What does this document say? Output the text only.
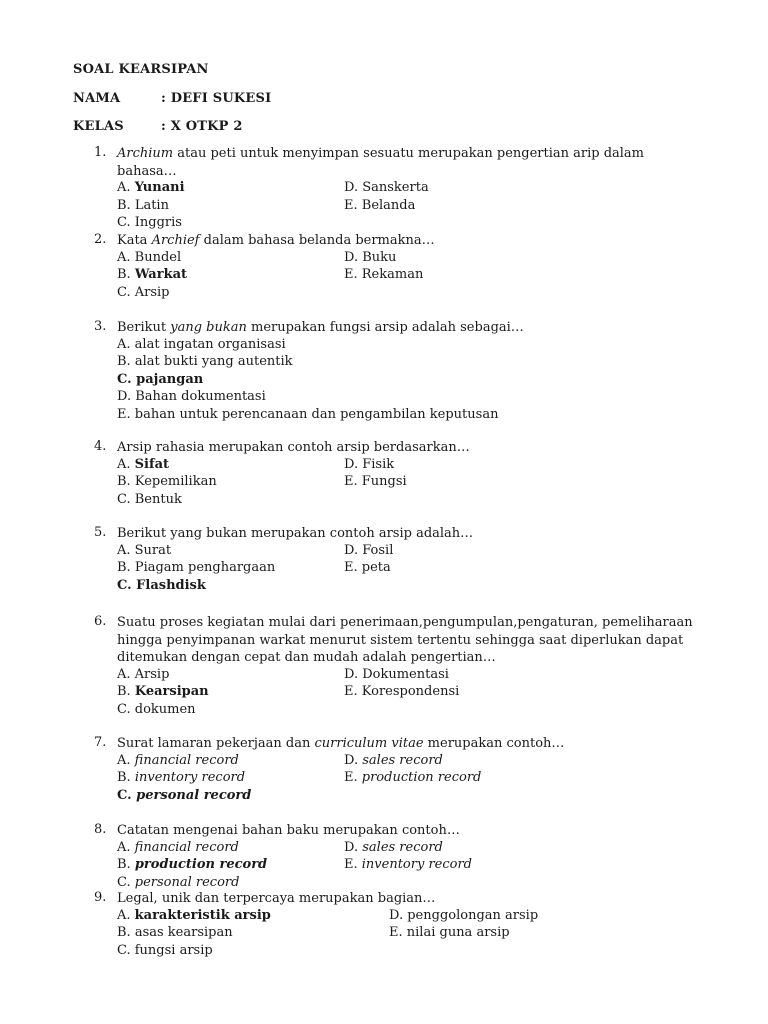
SOAL KEARSIPAN
NAMA	: DEFI SUKESI
KELAS	: X OTKP 2
1. Archium atau peti untuk menyimpan sesuatu merupakan pengertian arip dalam bahasa…
A. Yunani	D. Sanskerta
B. Latin	E. Belanda
C. Inggris
2. Kata Archief dalam bahasa belanda bermakna…
A. Bundel	D. Buku
B. Warkat	E. Rekaman
C. Arsip
3. Berikut yang bukan merupakan fungsi arsip adalah sebagai…
A. alat ingatan organisasi
B. alat bukti yang autentik
C. pajangan
D. Bahan dokumentasi
E. bahan untuk perencanaan dan pengambilan keputusan
4. Arsip rahasia merupakan contoh arsip berdasarkan…
A. Sifat	D. Fisik
B. Kepemilikan	E. Fungsi
C. Bentuk
5. Berikut yang bukan merupakan contoh arsip adalah…
A. Surat	D. Fosil
B. Piagam penghargaan	E. peta
C. Flashdisk
6. Suatu proses kegiatan mulai dari penerimaan,pengumpulan,pengaturan, pemeliharaan hingga penyimpanan warkat menurut sistem tertentu sehingga saat diperlukan dapat ditemukan dengan cepat dan mudah adalah pengertian…
A. Arsip	D. Dokumentasi
B. Kearsipan	E. Korespondensi
C. dokumen
7. Surat lamaran pekerjaan dan curriculum vitae merupakan contoh…
A. financial record	D. sales record
B. inventory record	E. production record
C. personal record
8. Catatan mengenai bahan baku merupakan contoh…
A. financial record	D. sales record
B. production record	E. inventory record
C. personal record
9. Legal, unik dan terpercaya merupakan bagian…
A. karakteristik arsip	D. penggolongan arsip
B. asas kearsipan	E. nilai guna arsip
C. fungsi arsip
